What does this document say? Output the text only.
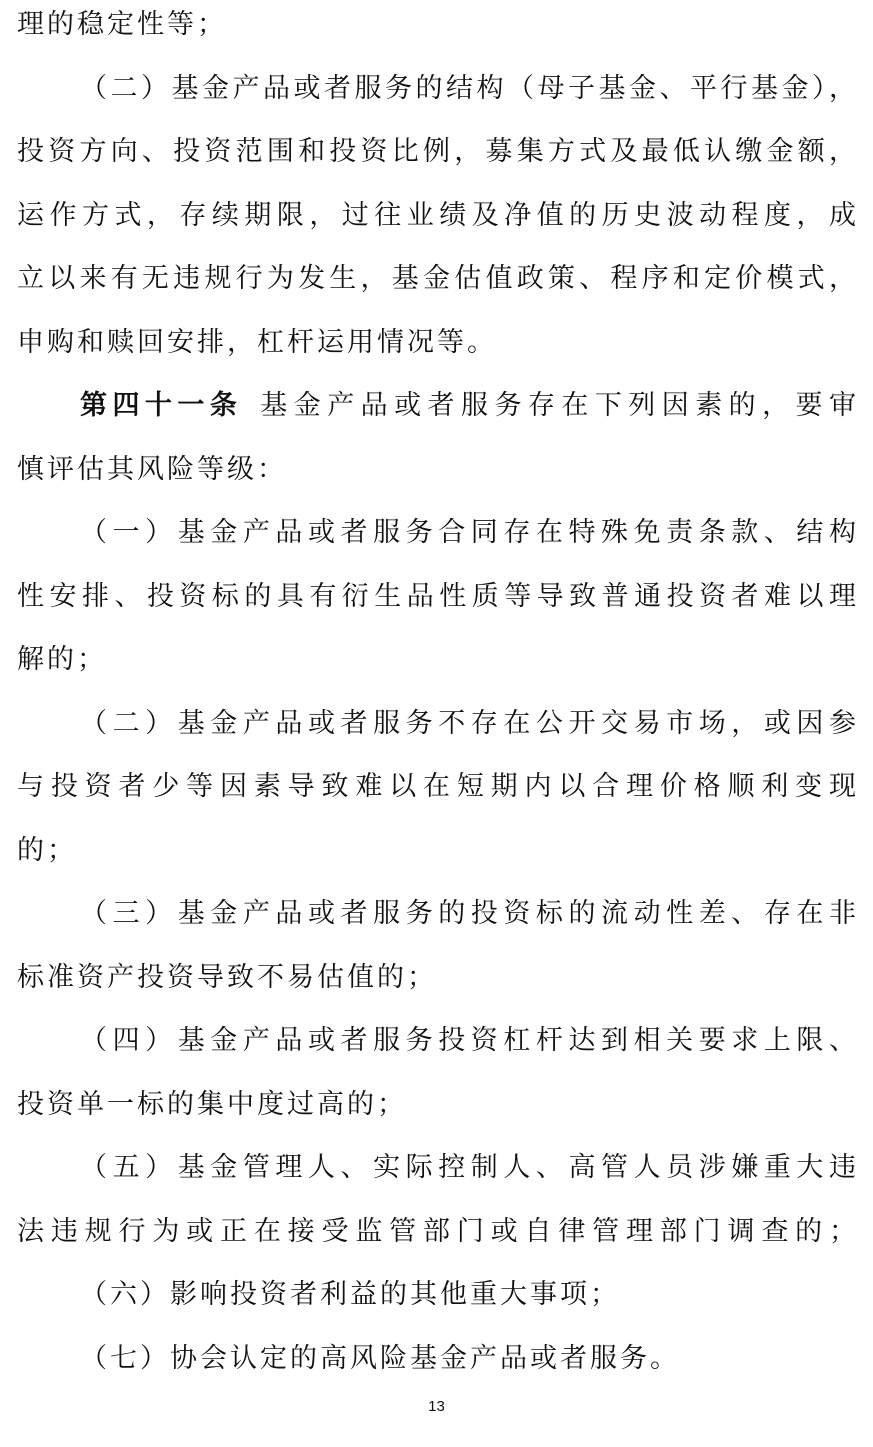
理的稳定性等；
（二）基金产品或者服务的结构（母子基金、平行基金），
投资方向、投资范围和投资比例，募集方式及最低认缴金额，
运作方式，存续期限，过往业绩及净值的历史波动程度，成
立以来有无违规行为发生，基金估值政策、程序和定价模式，
申购和赎回安排，杠杆运用情况等。
第四十一条 基金产品或者服务存在下列因素的，要审
慎评估其风险等级：
（一）基金产品或者服务合同存在特殊免责条款、结构
性安排、投资标的具有衍生品性质等导致普通投资者难以理
解的；
（二）基金产品或者服务不存在公开交易市场，或因参
与投资者少等因素导致难以在短期内以合理价格顺利变现
的；
（三）基金产品或者服务的投资标的流动性差、存在非
标准资产投资导致不易估值的；
（四）基金产品或者服务投资杠杆达到相关要求上限、
投资单一标的集中度过高的；
（五）基金管理人、实际控制人、高管人员涉嫌重大违
法违规行为或正在接受监管部门或自律管理部门调查的；
（六）影响投资者利益的其他重大事项；
（七）协会认定的高风险基金产品或者服务。
13
